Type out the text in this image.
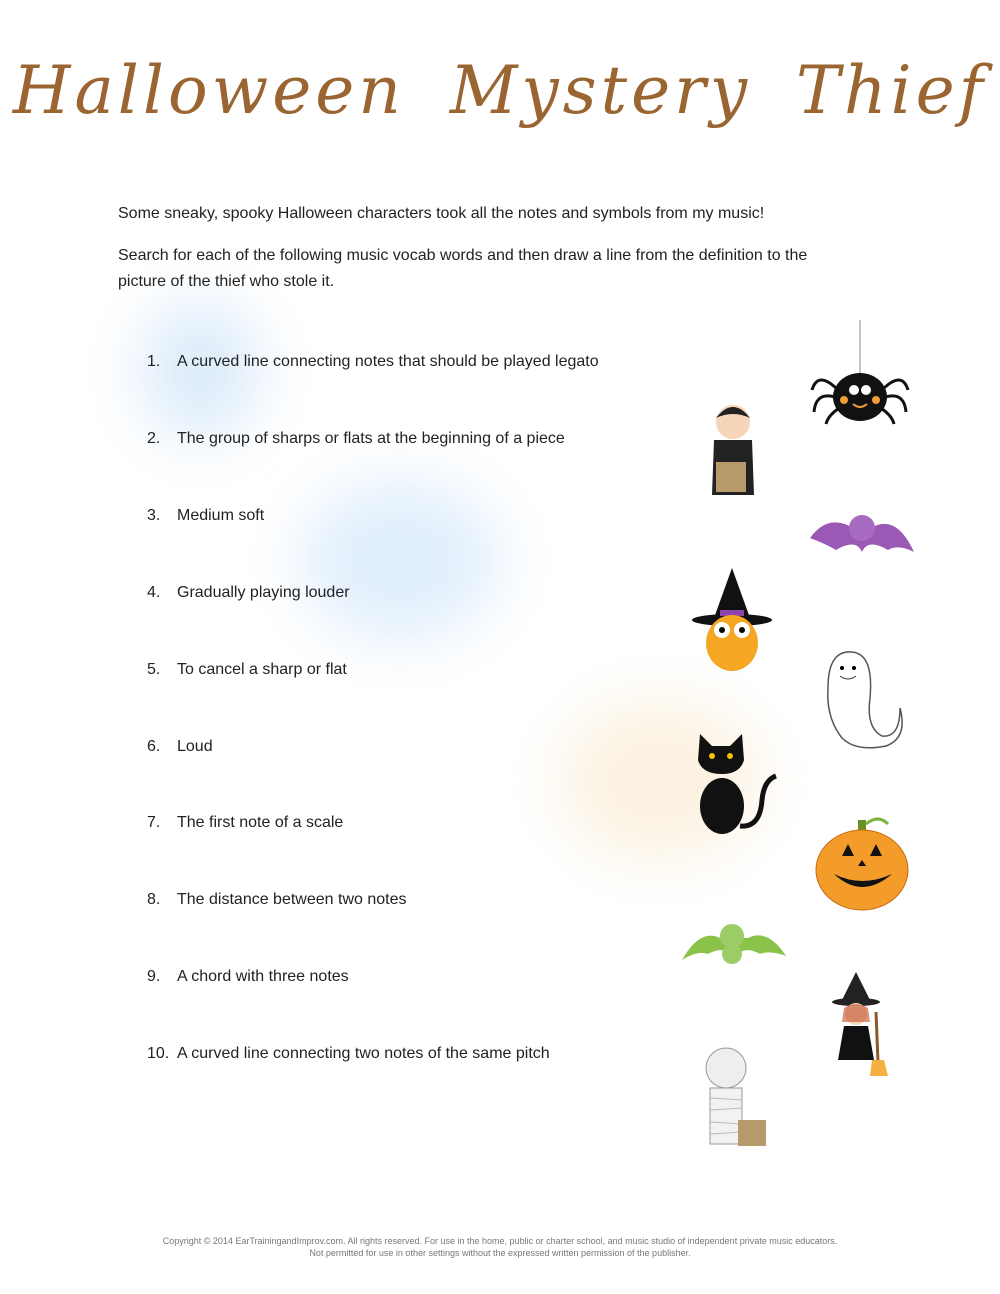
Halloween Mystery Thief
Some sneaky, spooky Halloween characters took all the notes and symbols from my music!
Search for each of the following music vocab words and then draw a line from the definition to the picture of the thief who stole it.
1. A curved line connecting notes that should be played legato
2. The group of sharps or flats at the beginning of a piece
3. Medium soft
4. Gradually playing louder
5. To cancel a sharp or flat
6. Loud
7. The first note of a scale
8. The distance between two notes
9. A chord with three notes
10. A curved line connecting two notes of the same pitch
Copyright © 2014 EarTrainingandImprov.com. All rights reserved. For use in the home, public or charter school, and music studio of independent private music educators.
Not permitted for use in other settings without the expressed written permission of the publisher.
